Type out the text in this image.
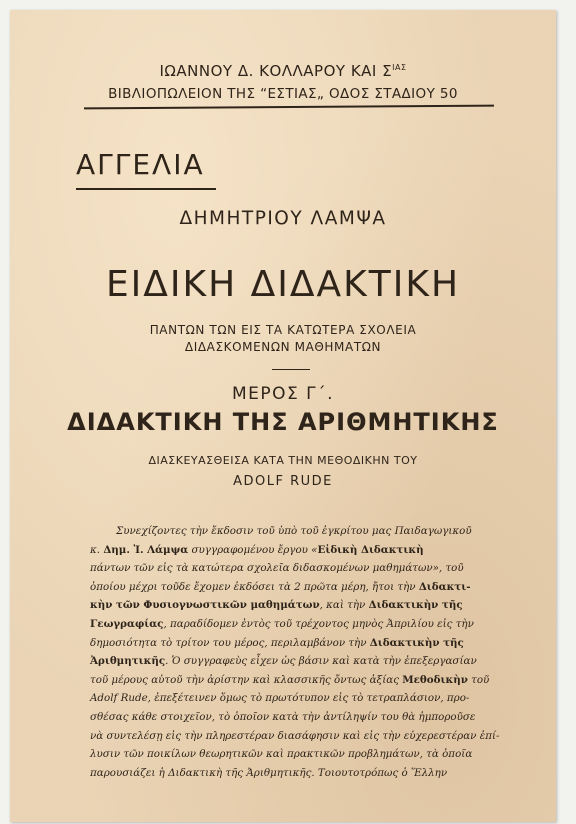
ΙΩΑΝΝΟΥ Δ. ΚΟΛΛΑΡΟΥ ΚΑΙ $\Sigma^{IA\Sigma}$
ΒΙΒΛΙΟΠΩΛΕΙΟΝ ΤΗΣ “ΕΣΤΙΑΣ„ ΟΔΟΣ ΣΤΑΔΙΟΥ 50
ΑΓΓΕΛΙΑ
ΔΗΜΗΤΡΙΟΥ ΛΑΜΨΑ
ΕΙΔΙΚΗ ΔΙΔΑΚΤΙΚΗ
ΠΑΝΤΩΝ ΤΩΝ ΕΙΣ ΤΑ ΚΑΤΩΤΕΡΑ ΣΧΟΛΕΙΑ
ΔΙΔΑΣΚΟΜΕΝΩΝ ΜΑΘΗΜΑΤΩΝ
ΜΕΡΟΣ Γ΄.
ΔΙΔΑΚΤΙΚΗ ΤΗΣ ΑΡΙΘΜΗΤΙΚΗΣ
ΔΙΑΣΚΕΥΑΣΘΕΙΣΑ ΚΑΤΑ ΤΗΝ ΜΕΘΟΔΙΚΗΝ ΤΟΥ
ADOLF RUDE

Συνεχίζοντες τὴν ἔκδοσιν τοῦ ὑπὸ τοῦ ἐγκρίτου μας Παιδαγωγικοῦ

κ. Δημ. Ἰ. Λάμψα συγγραφομένου ἔργου «Εἰδικὴ Διδακτικὴ

πάντων τῶν εἰς τὰ κατώτερα σχολεῖα διδασκομένων μαθημάτων», τοῦ

ὁποίου μέχρι τοῦδε ἔχομεν ἐκδόσει τὰ 2 πρῶτα μέρη, ἤτοι τὴν Διδακτι-

κὴν τῶν Φυσιογνωστικῶν μαθημάτων, καὶ τὴν Διδακτικὴν τῆς

Γεωγραφίας, παραδίδομεν ἐντὸς τοῦ τρέχοντος μηνὸς Ἀπριλίου εἰς τὴν

δημοσιότητα τὸ τρίτον του μέρος, περιλαμβάνον τὴν Διδακτικὴν τῆς

Ἀριθμητικῆς. Ὁ συγγραφεὺς εἶχεν ὡς βάσιν καὶ κατὰ τὴν ἐπεξεργασίαν

τοῦ μέρους αὐτοῦ τὴν ἀρίστην καὶ κλασσικῆς ὄντως ἀξίας Μεθοδικὴν τοῦ

Adolf Rude, ἐπεξέτεινεν ὅμως τὸ πρωτότυπον εἰς τὸ τετραπλάσιον, προ-

σθέσας κάθε στοιχεῖον, τὸ ὁποῖον κατὰ τὴν ἀντίληψίν του θὰ ἠμποροῦσε

νὰ συντελέσῃ εἰς τὴν πληρεστέραν διασάφησιν καὶ εἰς τὴν εὐχερεστέραν ἐπί-

λυσιν τῶν ποικίλων θεωρητικῶν καὶ πρακτικῶν προβλημάτων, τὰ ὁποῖα

παρουσιάζει ἡ Διδακτικὴ τῆς Ἀριθμητικῆς. Τοιουτοτρόπως ὁ Ἕλλην
